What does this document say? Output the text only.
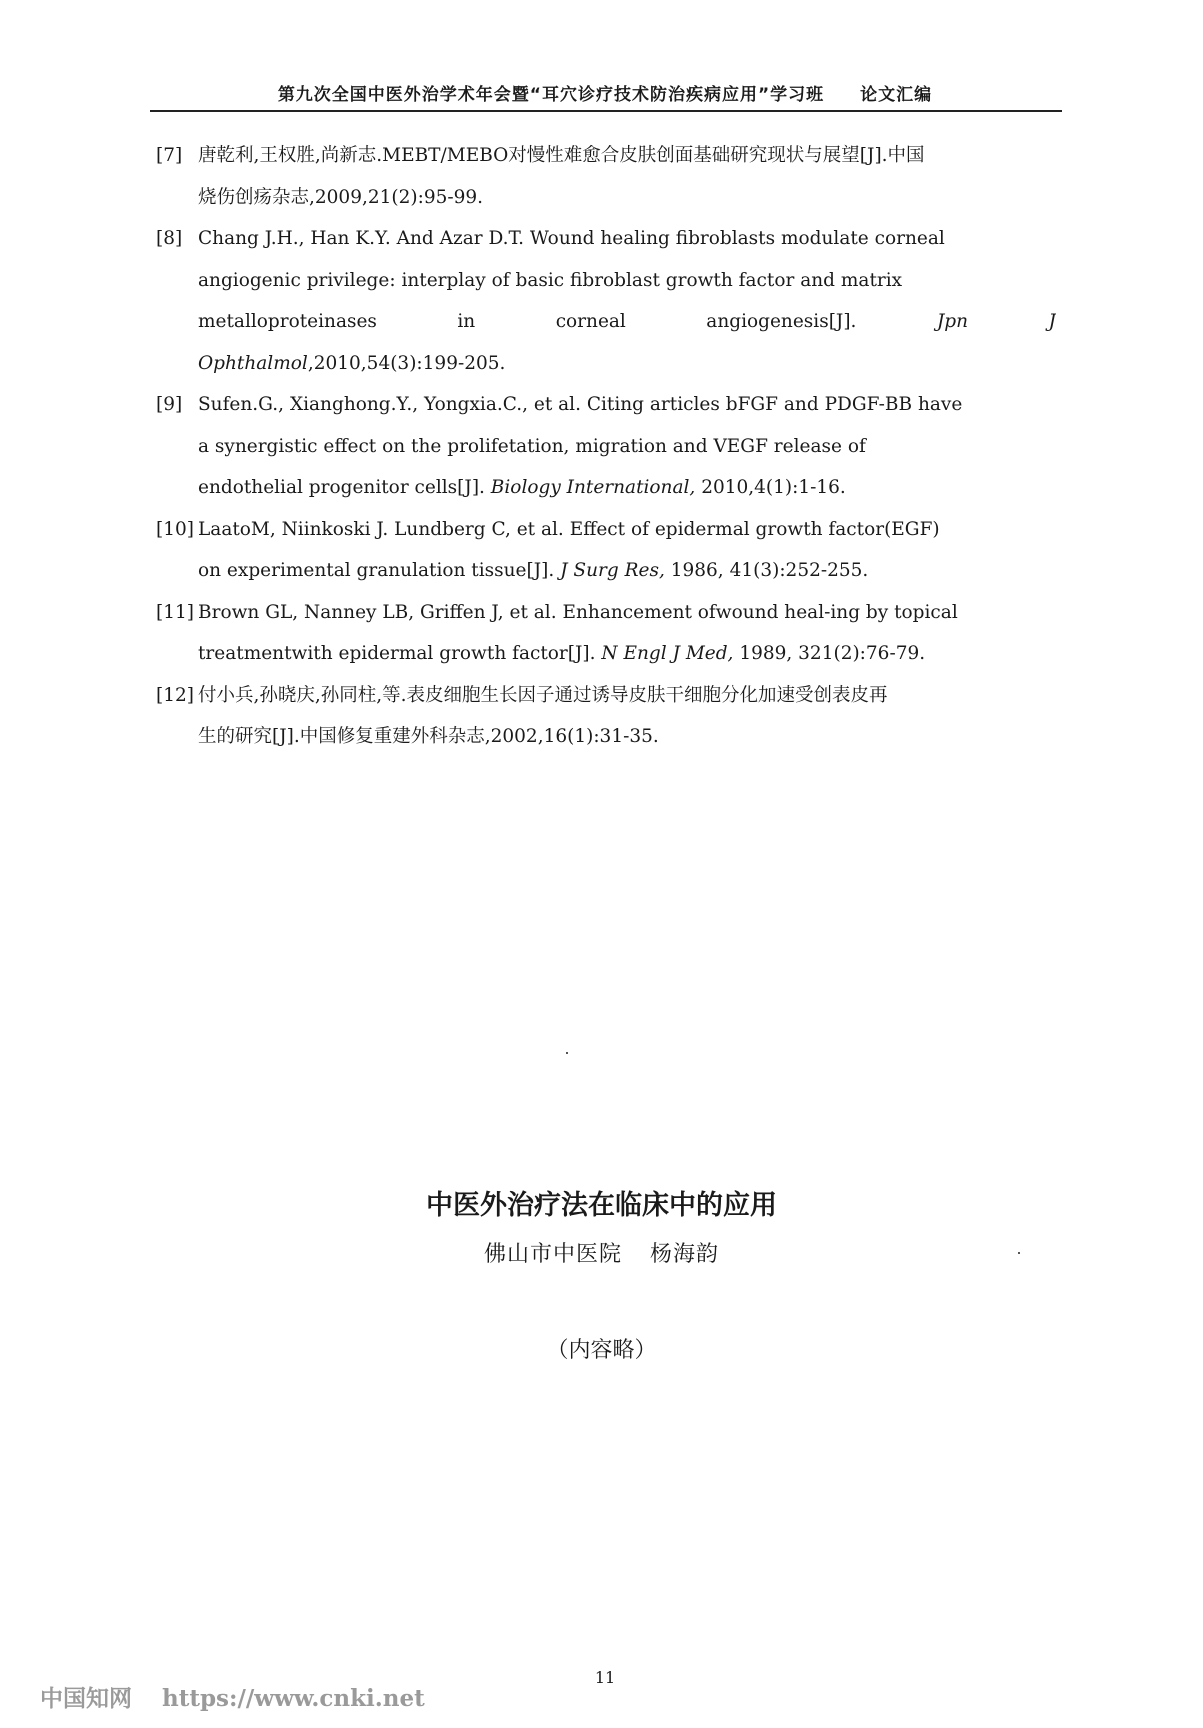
第九次全国中医外治学术年会暨“耳穴诊疗技术防治疾病应用”学习班　　论文汇编
[7] 唐乾利,王权胜,尚新志.MEBT/MEBO对慢性难愈合皮肤创面基础研究现状与展望[J].中国
烧伤创疡杂志,2009,21(2):95-99.
[8] Chang J.H., Han K.Y. And Azar D.T. Wound healing fibroblasts modulate corneal
angiogenic privilege: interplay of basic fibroblast growth factor and matrix
metalloproteinases	in	corneal	angiogenesis[J].	Jpn	J
Ophthalmol,2010,54(3):199-205.
[9] Sufen.G., Xianghong.Y., Yongxia.C., et al. Citing articles bFGF and PDGF-BB have
a synergistic effect on the prolifetation, migration and VEGF release of
endothelial progenitor cells[J]. Biology International, 2010,4(1):1-16.
[10] LaatoM, Niinkoski J. Lundberg C, et al. Effect of epidermal growth factor(EGF)
on experimental granulation tissue[J]. J Surg Res, 1986, 41(3):252-255.
[11] Brown GL, Nanney LB, Griffen J, et al. Enhancement ofwound heal-ing by topical
treatmentwith epidermal growth factor[J]. N Engl J Med, 1989, 321(2):76-79.
[12] 付小兵,孙晓庆,孙同柱,等.表皮细胞生长因子通过诱导皮肤干细胞分化加速受创表皮再
生的研究[J].中国修复重建外科杂志,2002,16(1):31-35.
中医外治疗法在临床中的应用
佛山市中医院 杨海韵
（内容略）
11
中国知网 https://www.cnki.net
